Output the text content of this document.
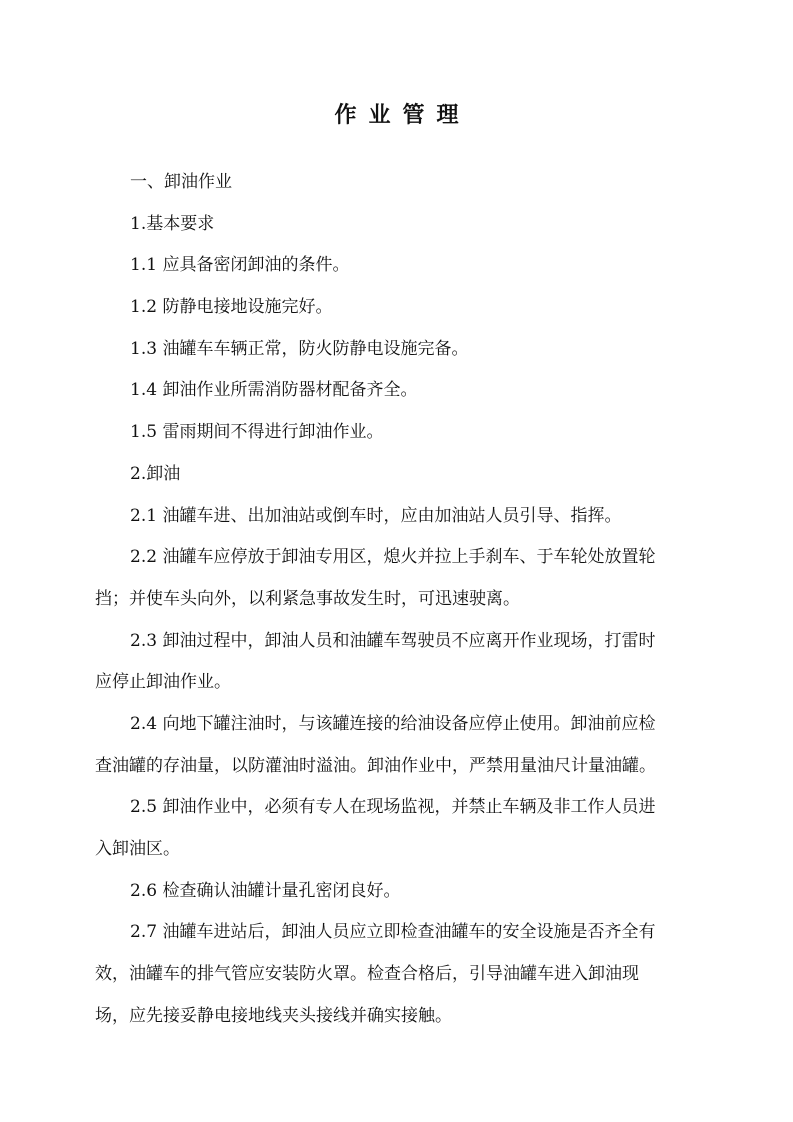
作业管理
一、卸油作业
1.基本要求
1.1 应具备密闭卸油的条件。
1.2 防静电接地设施完好。
1.3 油罐车车辆正常，防火防静电设施完备。
1.4 卸油作业所需消防器材配备齐全。
1.5 雷雨期间不得进行卸油作业。
2.卸油
2.1 油罐车进、出加油站或倒车时，应由加油站人员引导、指挥。
2.2 油罐车应停放于卸油专用区，熄火并拉上手刹车、于车轮处放置轮
挡；并使车头向外，以利紧急事故发生时，可迅速驶离。
2.3 卸油过程中，卸油人员和油罐车驾驶员不应离开作业现场，打雷时
应停止卸油作业。
2.4 向地下罐注油时，与该罐连接的给油设备应停止使用。卸油前应检
查油罐的存油量，以防灌油时溢油。卸油作业中，严禁用量油尺计量油罐。
2.5 卸油作业中，必须有专人在现场监视，并禁止车辆及非工作人员进
入卸油区。
2.6 检查确认油罐计量孔密闭良好。
2.7 油罐车进站后，卸油人员应立即检查油罐车的安全设施是否齐全有
效，油罐车的排气管应安装防火罩。检查合格后，引导油罐车进入卸油现
场，应先接妥静电接地线夹头接线并确实接触。
